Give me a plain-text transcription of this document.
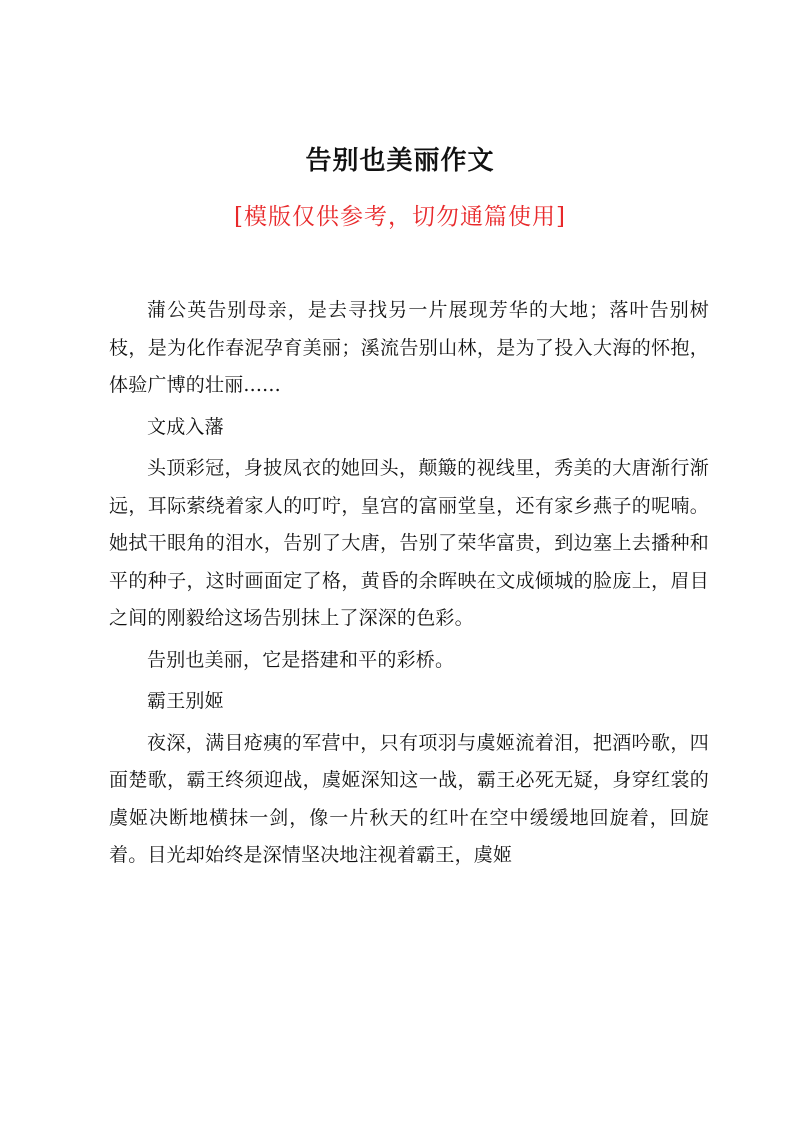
告别也美丽作文
[模版仅供参考，切勿通篇使用]

蒲公英告别母亲，是去寻找另一片展现芳华的大地；落叶告别树枝，是为化作春泥孕育美丽；溪流告别山林，是为了投入大海的怀抱，体验广博的壮丽......

文成入藩

头顶彩冠，身披凤衣的她回头，颠簸的视线里，秀美的大唐渐行渐远，耳际萦绕着家人的叮咛，皇宫的富丽堂皇，还有家乡燕子的呢喃。她拭干眼角的泪水，告别了大唐，告别了荣华富贵，到边塞上去播种和平的种子，这时画面定了格，黄昏的余晖映在文成倾城的脸庞上，眉目之间的刚毅给这场告别抹上了深深的色彩。

告别也美丽，它是搭建和平的彩桥。

霸王别姬

夜深，满目疮痍的军营中，只有项羽与虞姬流着泪，把酒吟歌，四面楚歌，霸王终须迎战，虞姬深知这一战，霸王必死无疑，身穿红裳的虞姬决断地横抹一剑，像一片秋天的红叶在空中缓缓地回旋着，回旋着。目光却始终是深情坚决地注视着霸王，虞姬
